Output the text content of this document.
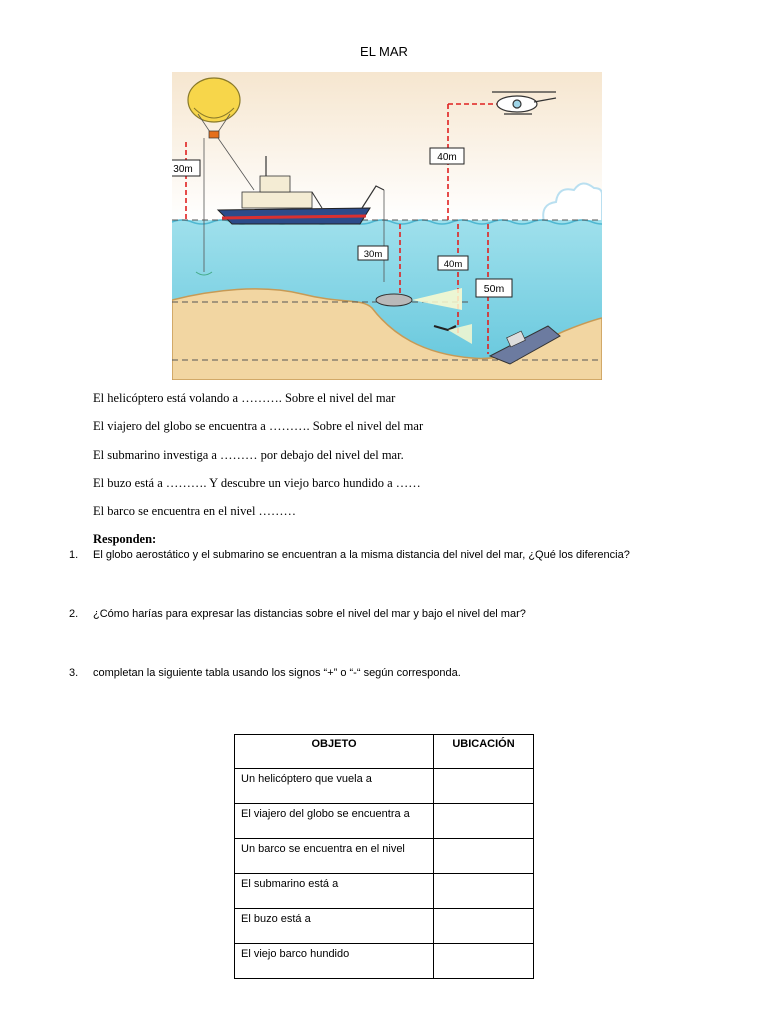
EL MAR
30m
40m
30m
40m
50m
El helicóptero está volando a ………. Sobre el nivel del mar
El viajero del globo se encuentra a ………. Sobre el nivel del mar
El submarino investiga a ……… por debajo del nivel del mar.
El buzo está a ………. Y descubre un viejo barco hundido a ……
El barco se encuentra en el nivel ………
Responden:
1. El globo aerostático y el submarino se encuentran a la misma distancia del nivel del mar, ¿Qué los diferencia?
2. ¿Cómo harías para expresar las distancias sobre el nivel del mar y bajo el nivel del mar?
3. completan la siguiente tabla usando los signos “+” o “-“ según corresponda.
OBJETO	UBICACIÓN
Un helicóptero que vuela a	
El viajero del globo se encuentra a	
Un barco se encuentra en el nivel	
El submarino está a	
El buzo está a	
El viejo barco hundido	
